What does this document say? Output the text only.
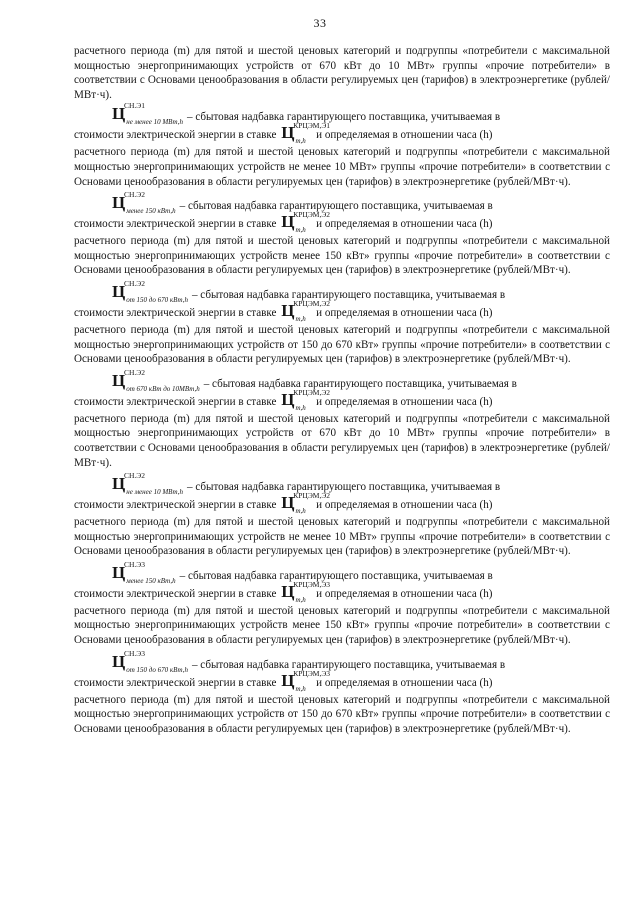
33

расчетного периода (m) для пятой и шестой ценовых категорий и подгруппы «потребители с максимальной мощностью энергопринимающих устройств от 670 кВт до 10 МВт» группы «прочие потребители» в соответствии с Основами ценообразования в области регулируемых цен (тарифов) в электроэнергетике (рублей/МВт·ч).

Ц
СН.Э1
не менее 10 МВт,h – сбытовая надбавка гарантирующего поставщика, учитываемая в

стоимости электрической энергии в ставке Ц
КРЦЭМ,Э1
m,h и определяемая в отношении часа (h)

расчетного периода (m) для пятой и шестой ценовых категорий и подгруппы «потребители с максимальной мощностью энергопринимающих устройств не менее 10 МВт» группы «прочие потребители» в соответствии с Основами ценообразования в области регулируемых цен (тарифов) в электроэнергетике (рублей/МВт·ч).

Ц
СН.Э2
менее 150 кВт,h – сбытовая надбавка гарантирующего поставщика, учитываемая в

стоимости электрической энергии в ставке Ц
КРЦЭМ,Э2
m,h и определяемая в отношении часа (h)

расчетного периода (m) для пятой и шестой ценовых категорий и подгруппы «потребители с максимальной мощностью энергопринимающих устройств менее 150 кВт» группы «прочие потребители» в соответствии с Основами ценообразования в области регулируемых цен (тарифов) в электроэнергетике (рублей/МВт·ч).

Ц
СН.Э2
от 150 до 670 кВт,h – сбытовая надбавка гарантирующего поставщика, учитываемая в

стоимости электрической энергии в ставке Ц
КРЦЭМ,Э2
m,h и определяемая в отношении часа (h)

расчетного периода (m) для пятой и шестой ценовых категорий и подгруппы «потребители с максимальной мощностью энергопринимающих устройств от 150 до 670 кВт» группы «прочие потребители» в соответствии с Основами ценообразования в области регулируемых цен (тарифов) в электроэнергетике (рублей/МВт·ч).

Ц
СН.Э2
от 670 кВт до 10МВт,h – сбытовая надбавка гарантирующего поставщика, учитываемая в

стоимости электрической энергии в ставке Ц
КРЦЭМ,Э2
m,h и определяемая в отношении часа (h)

расчетного периода (m) для пятой и шестой ценовых категорий и подгруппы «потребители с максимальной мощностью энергопринимающих устройств от 670 кВт до 10 МВт» группы «прочие потребители» в соответствии с Основами ценообразования в области регулируемых цен (тарифов) в электроэнергетике (рублей/МВт·ч).

Ц
СН.Э2
не менее 10 МВт,h – сбытовая надбавка гарантирующего поставщика, учитываемая в

стоимости электрической энергии в ставке Ц
КРЦЭМ,Э2
m,h и определяемая в отношении часа (h)

расчетного периода (m) для пятой и шестой ценовых категорий и подгруппы «потребители с максимальной мощностью энергопринимающих устройств не менее 10 МВт» группы «прочие потребители» в соответствии с Основами ценообразования в области регулируемых цен (тарифов) в электроэнергетике (рублей/МВт·ч).

Ц
СН.Э3
менее 150 кВт,h – сбытовая надбавка гарантирующего поставщика, учитываемая в

стоимости электрической энергии в ставке Ц
КРЦЭМ,Э3
m,h и определяемая в отношении часа (h)

расчетного периода (m) для пятой и шестой ценовых категорий и подгруппы «потребители с максимальной мощностью энергопринимающих устройств менее 150 кВт» группы «прочие потребители» в соответствии с Основами ценообразования в области регулируемых цен (тарифов) в электроэнергетике (рублей/МВт·ч).

Ц
СН.Э3
от 150 до 670 кВт,h – сбытовая надбавка гарантирующего поставщика, учитываемая в

стоимости электрической энергии в ставке Ц
КРЦЭМ,Э3
m,h и определяемая в отношении часа (h)

расчетного периода (m) для пятой и шестой ценовых категорий и подгруппы «потребители с максимальной мощностью энергопринимающих устройств от 150 до 670 кВт» группы «прочие потребители» в соответствии с Основами ценообразования в области регулируемых цен (тарифов) в электроэнергетике (рублей/МВт·ч).
